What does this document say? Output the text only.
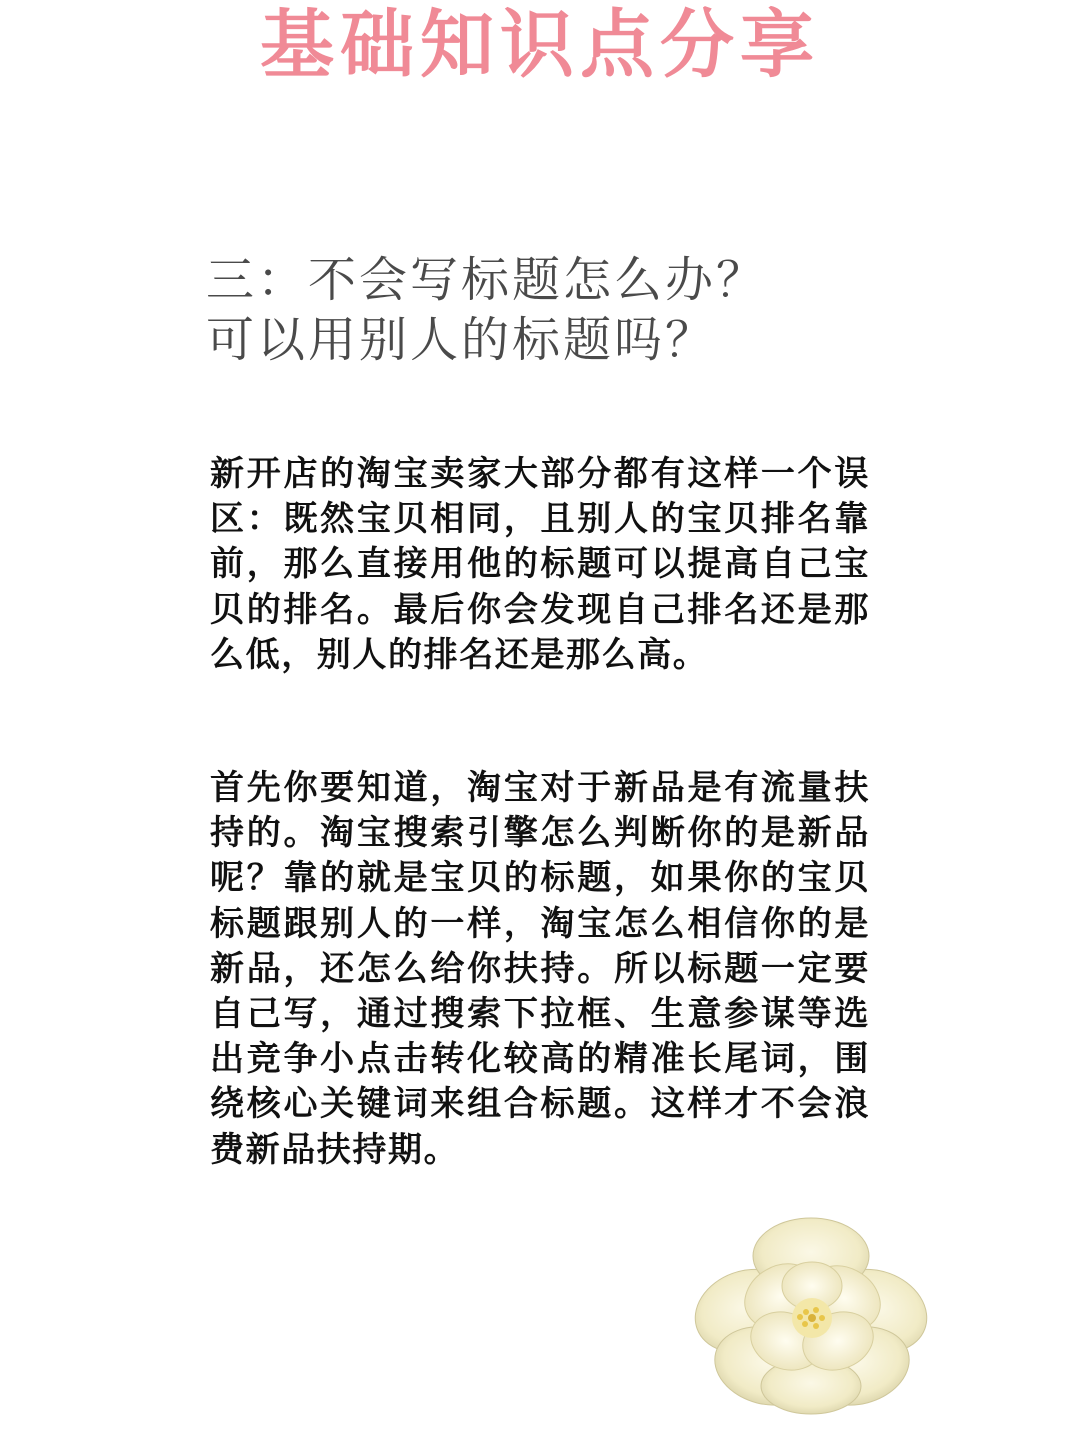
基础知识点分享
三：不会写标题怎么办？
可以用别人的标题吗？
新开店的淘宝卖家大部分都有这样一个误区：既然宝贝相同，且别人的宝贝排名靠前，那么直接用他的标题可以提高自己宝贝的排名。最后你会发现自己排名还是那么低，别人的排名还是那么高。
首先你要知道，淘宝对于新品是有流量扶持的。淘宝搜索引擎怎么判断你的是新品呢？靠的就是宝贝的标题，如果你的宝贝标题跟别人的一样，淘宝怎么相信你的是新品，还怎么给你扶持。所以标题一定要自己写，通过搜索下拉框、生意参谋等选出竞争小点击转化较高的精准长尾词，围绕核心关键词来组合标题。这样才不会浪费新品扶持期。
